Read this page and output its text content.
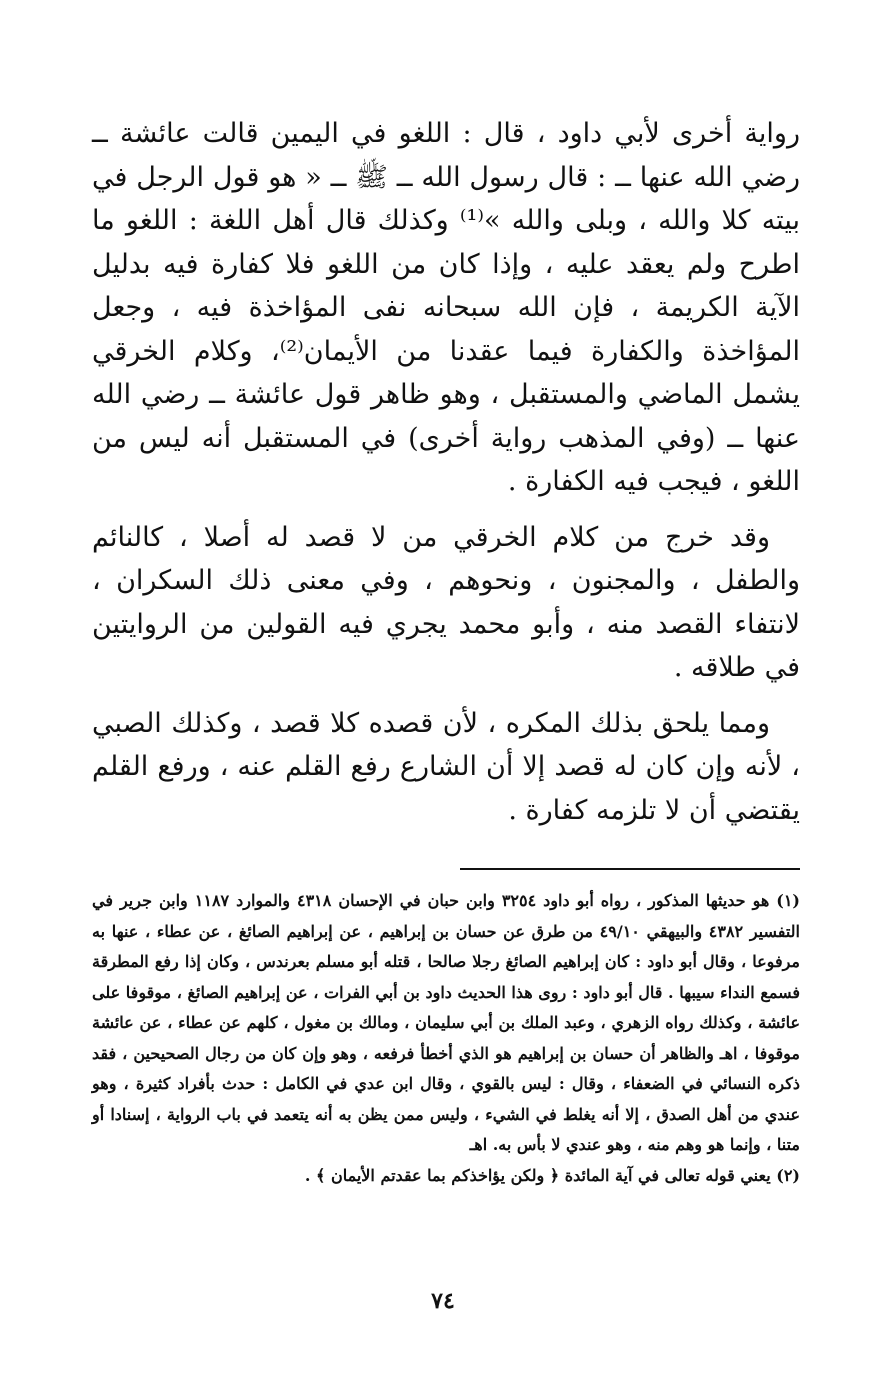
رواية أخرى لأبي داود ، قال : اللغو في اليمين قالت عائشة ــ رضي الله عنها ــ : قال رسول الله ــ ﷺ ــ « هو قول الرجل في بيته كلا والله ، وبلى والله »⁽¹⁾ وكذلك قال أهل اللغة : اللغو ما اطرح ولم يعقد عليه ، وإذا كان من اللغو فلا كفارة فيه بدليل الآية الكريمة ، فإن الله سبحانه نفى المؤاخذة فيه ، وجعل المؤاخذة والكفارة فيما عقدنا من الأيمان⁽²⁾، وكلام الخرقي يشمل الماضي والمستقبل ، وهو ظاهر قول عائشة ــ رضي الله عنها ــ (وفي المذهب رواية أخرى) في المستقبل أنه ليس من اللغو ، فيجب فيه الكفارة .

وقد خرج من كلام الخرقي من لا قصد له أصلا ، كالنائم والطفل ، والمجنون ، ونحوهم ، وفي معنى ذلك السكران ، لانتفاء القصد منه ، وأبو محمد يجري فيه القولين من الروايتين في طلاقه .

ومما يلحق بذلك المكره ، لأن قصده كلا قصد ، وكذلك الصبي ، لأنه وإن كان له قصد إلا أن الشارع رفع القلم عنه ، ورفع القلم يقتضي أن لا تلزمه كفارة .

(١) هو حديثها المذكور ، رواه أبو داود ٣٢٥٤ وابن حبان في الإحسان ٤٣١٨ والموارد ١١٨٧ وابن جرير في التفسير ٤٣٨٢ والبيهقي ٤٩/١٠ من طرق عن حسان بن إبراهيم ، عن إبراهيم الصائغ ، عن عطاء ، عنها به مرفوعا ، وقال أبو داود : كان إبراهيم الصائغ رجلا صالحا ، قتله أبو مسلم بعرندس ، وكان إذا رفع المطرقة فسمع النداء سيبها . قال أبو داود : روى هذا الحديث داود بن أبي الفرات ، عن إبراهيم الصائغ ، موقوفا على عائشة ، وكذلك رواه الزهري ، وعبد الملك بن أبي سليمان ، ومالك بن مغول ، كلهم عن عطاء ، عن عائشة موقوفا ، اهـ والظاهر أن حسان بن إبراهيم هو الذي أخطأ فرفعه ، وهو وإن كان من رجال الصحيحين ، فقد ذكره النسائي في الضعفاء ، وقال : ليس بالقوي ، وقال ابن عدي في الكامل : حدث بأفراد كثيرة ، وهو عندي من أهل الصدق ، إلا أنه يغلط في الشيء ، وليس ممن يظن به أنه يتعمد في باب الرواية ، إسنادا أو متنا ، وإنما هو وهم منه ، وهو عندي لا بأس به. اهـ

(٢) يعني قوله تعالى في آية المائدة ﴿ ولكن يؤاخذكم بما عقدتم الأيمان ﴾ .

٧٤
